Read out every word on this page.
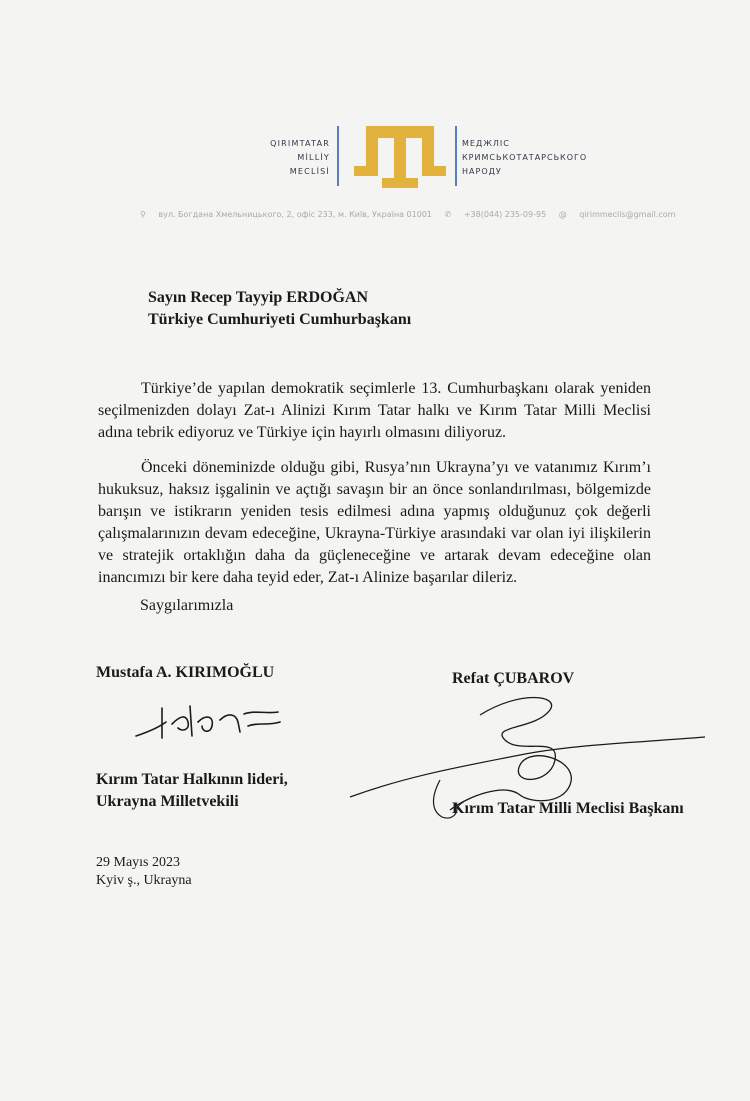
QIRIMTATAR
MİLLİY
MECLİSİ
МЕДЖЛІС
КРИМСЬКОТАТАРСЬКОГО
НАРОДУ
⚲ вул. Богдана Хмельницького, 2, офіс 233, м. Київ, Україна 01001 ✆ +38(044) 235-09-95 @ qirimmeclis@gmail.com
Sayın Recep Tayyip ERDOĞAN
Türkiye Cumhuriyeti Cumhurbaşkanı

Türkiye’de yapılan demokratik seçimlerle 13. Cumhurbaşkanı olarak yeniden seçilmenizden dolayı Zat-ı Alinizi Kırım Tatar halkı ve Kırım Tatar Milli Meclisi adına tebrik ediyoruz ve Türkiye için hayırlı olmasını diliyoruz.

Önceki döneminizde olduğu gibi, Rusya’nın Ukrayna’yı ve vatanımız Kırım’ı hukuksuz, haksız işgalinin ve açtığı savaşın bir an önce sonlandırılması, bölgemizde barışın ve istikrarın yeniden tesis edilmesi adına yapmış olduğunuz çok değerli çalışmalarınızın devam edeceğine, Ukrayna-Türkiye arasındaki var olan iyi ilişkilerin ve stratejik ortaklığın daha da güçleneceğine ve artarak devam edeceğine olan inancımızı bir kere daha teyid eder, Zat-ı Alinize başarılar dileriz.

Saygılarımızla
Mustafa A. KIRIMOĞLU	Refat ÇUBAROV
Kırım Tatar Halkının lideri,
Ukrayna Milletvekili	Kırım Tatar Milli Meclisi Başkanı
29 Mayıs 2023
Kyiv ş., Ukrayna
